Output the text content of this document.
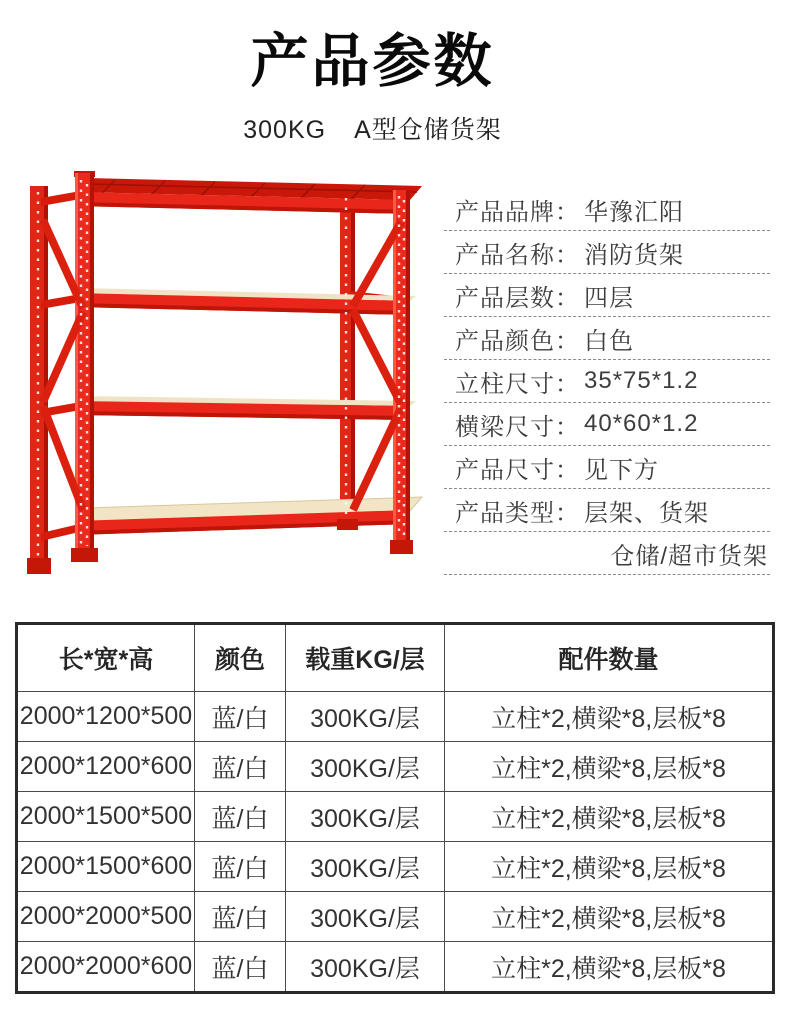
产品参数
300KG A型仓储货架
产品品牌： 华豫汇阳
产品名称： 消防货架
产品层数： 四层
产品颜色： 白色
立柱尺寸： 35*75*1.2
横梁尺寸： 40*60*1.2
产品尺寸： 见下方
产品类型： 层架、货架
仓储/超市货架
长*宽*高	颜色	载重KG/层	配件数量
2000*1200*500 蓝/白	300KG/层	立柱*2,横梁*8,层板*8
2000*1200*600 蓝/白	300KG/层	立柱*2,横梁*8,层板*8
2000*1500*500 蓝/白	300KG/层	立柱*2,横梁*8,层板*8
2000*1500*600 蓝/白	300KG/层	立柱*2,横梁*8,层板*8
2000*2000*500 蓝/白	300KG/层	立柱*2,横梁*8,层板*8
2000*2000*600 蓝/白	300KG/层	立柱*2,横梁*8,层板*8
